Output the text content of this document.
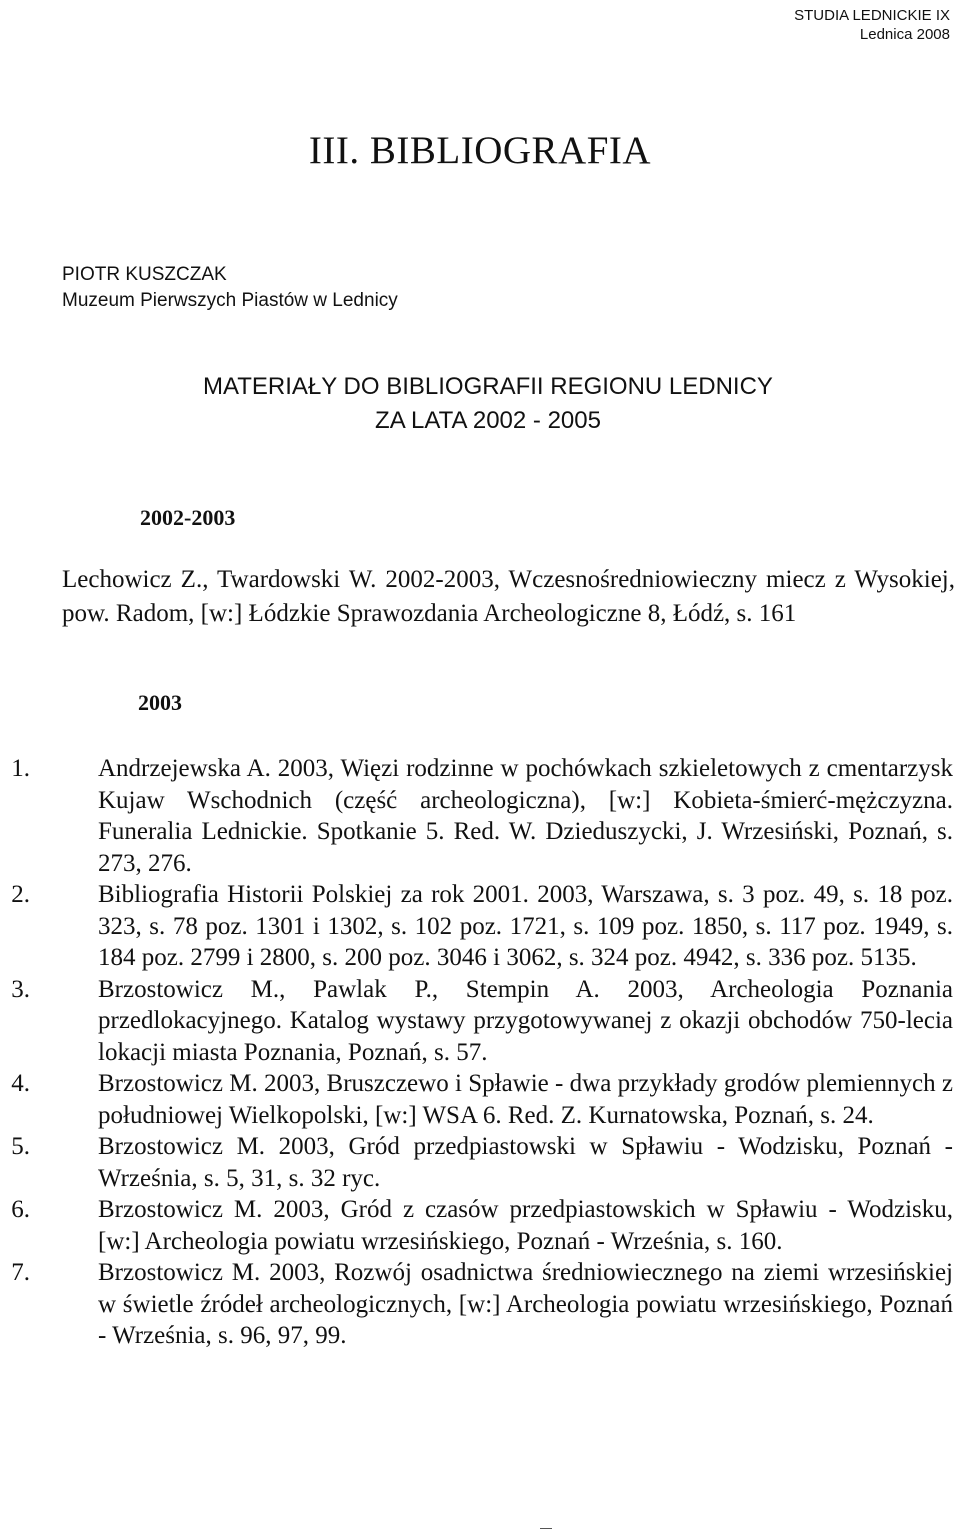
STUDIA LEDNICKIE IX
Lednica 2008
III. BIBLIOGRAFIA
PIOTR KUSZCZAK
Muzeum Pierwszych Piastów w Lednicy
MATERIAŁY DO BIBLIOGRAFII REGIONU LEDNICY
ZA LATA 2002 - 2005
2002-2003
Lechowicz Z., Twardowski W. 2002-2003, Wczesnośredniowieczny miecz z Wysokiej, pow. Radom, [w:] Łódzkie Sprawozdania Archeologiczne 8, Łódź, s. 161
2003
1.	Andrzejewska A. 2003, Więzi rodzinne w pochówkach szkieletowych z cmentarzysk Kujaw Wschodnich (część archeologiczna), [w:] Kobieta-śmierć-mężczyzna. Funeralia Lednickie. Spotkanie 5. Red. W. Dzieduszycki, J. Wrzesiński, Poznań, s. 273, 276.
2.	Bibliografia Historii Polskiej za rok 2001. 2003, Warszawa, s. 3 poz. 49, s. 18 poz. 323, s. 78 poz. 1301 i 1302, s. 102 poz. 1721, s. 109 poz. 1850, s. 117 poz. 1949, s. 184 poz. 2799 i 2800, s. 200 poz. 3046 i 3062, s. 324 poz. 4942, s. 336 poz. 5135.
3.	Brzostowicz M., Pawlak P., Stempin A. 2003, Archeologia Poznania przedlokacyjnego. Katalog wystawy przygotowywanej z okazji obchodów 750-lecia lokacji miasta Poznania, Poznań, s. 57.
4.	Brzostowicz M. 2003, Bruszczewo i Spławie - dwa przykłady grodów plemiennych z południowej Wielkopolski, [w:] WSA 6. Red. Z. Kurnatowska, Poznań, s. 24.
5.	Brzostowicz M. 2003, Gród przedpiastowski w Spławiu - Wodzisku, Poznań - Września, s. 5, 31, s. 32 ryc.
6.	Brzostowicz M. 2003, Gród z czasów przedpiastowskich w Spławiu - Wodzisku, [w:] Archeologia powiatu wrzesińskiego, Poznań - Września, s. 160.
7.	Brzostowicz M. 2003, Rozwój osadnictwa średniowiecznego na ziemi wrzesińskiej w świetle źródeł archeologicznych, [w:] Archeologia powiatu wrzesińskiego, Poznań - Września, s. 96, 97, 99.
